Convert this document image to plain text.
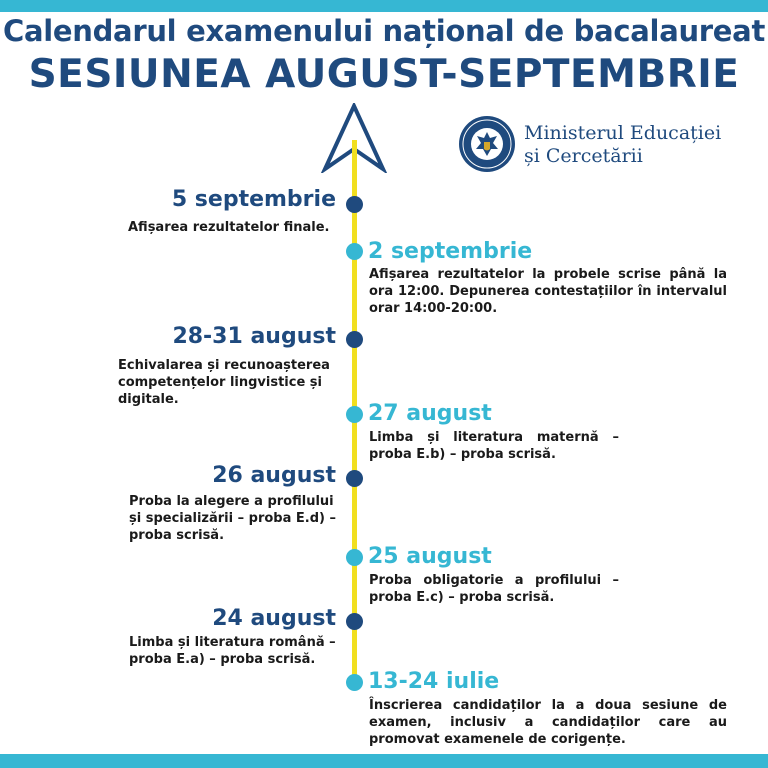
Calendarul examenului național de bacalaureat
SESIUNEA AUGUST-SEPTEMBRIE
Ministerul Educației
și Cercetării
5 septembrie
Afișarea rezultatelor finale.
2 septembrie
Afișarea rezultatelor la probele scrise până la ora 12:00. Depunerea contestațiilor în intervalul orar 14:00-20:00.
28-31 august
Echivalarea și recunoașterea competențelor lingvistice și digitale.
27 august
Limba și literatura maternă – proba E.b) – proba scrisă.
26 august
Proba la alegere a profilului și specializării – proba E.d) – proba scrisă.
25 august
Proba obligatorie a profilului – proba E.c) – proba scrisă.
24 august
Limba și literatura română – proba E.a) – proba scrisă.
13-24 iulie
Înscrierea candidaților la a doua sesiune de examen, inclusiv a candidaților care au promovat examenele de corigențe.
